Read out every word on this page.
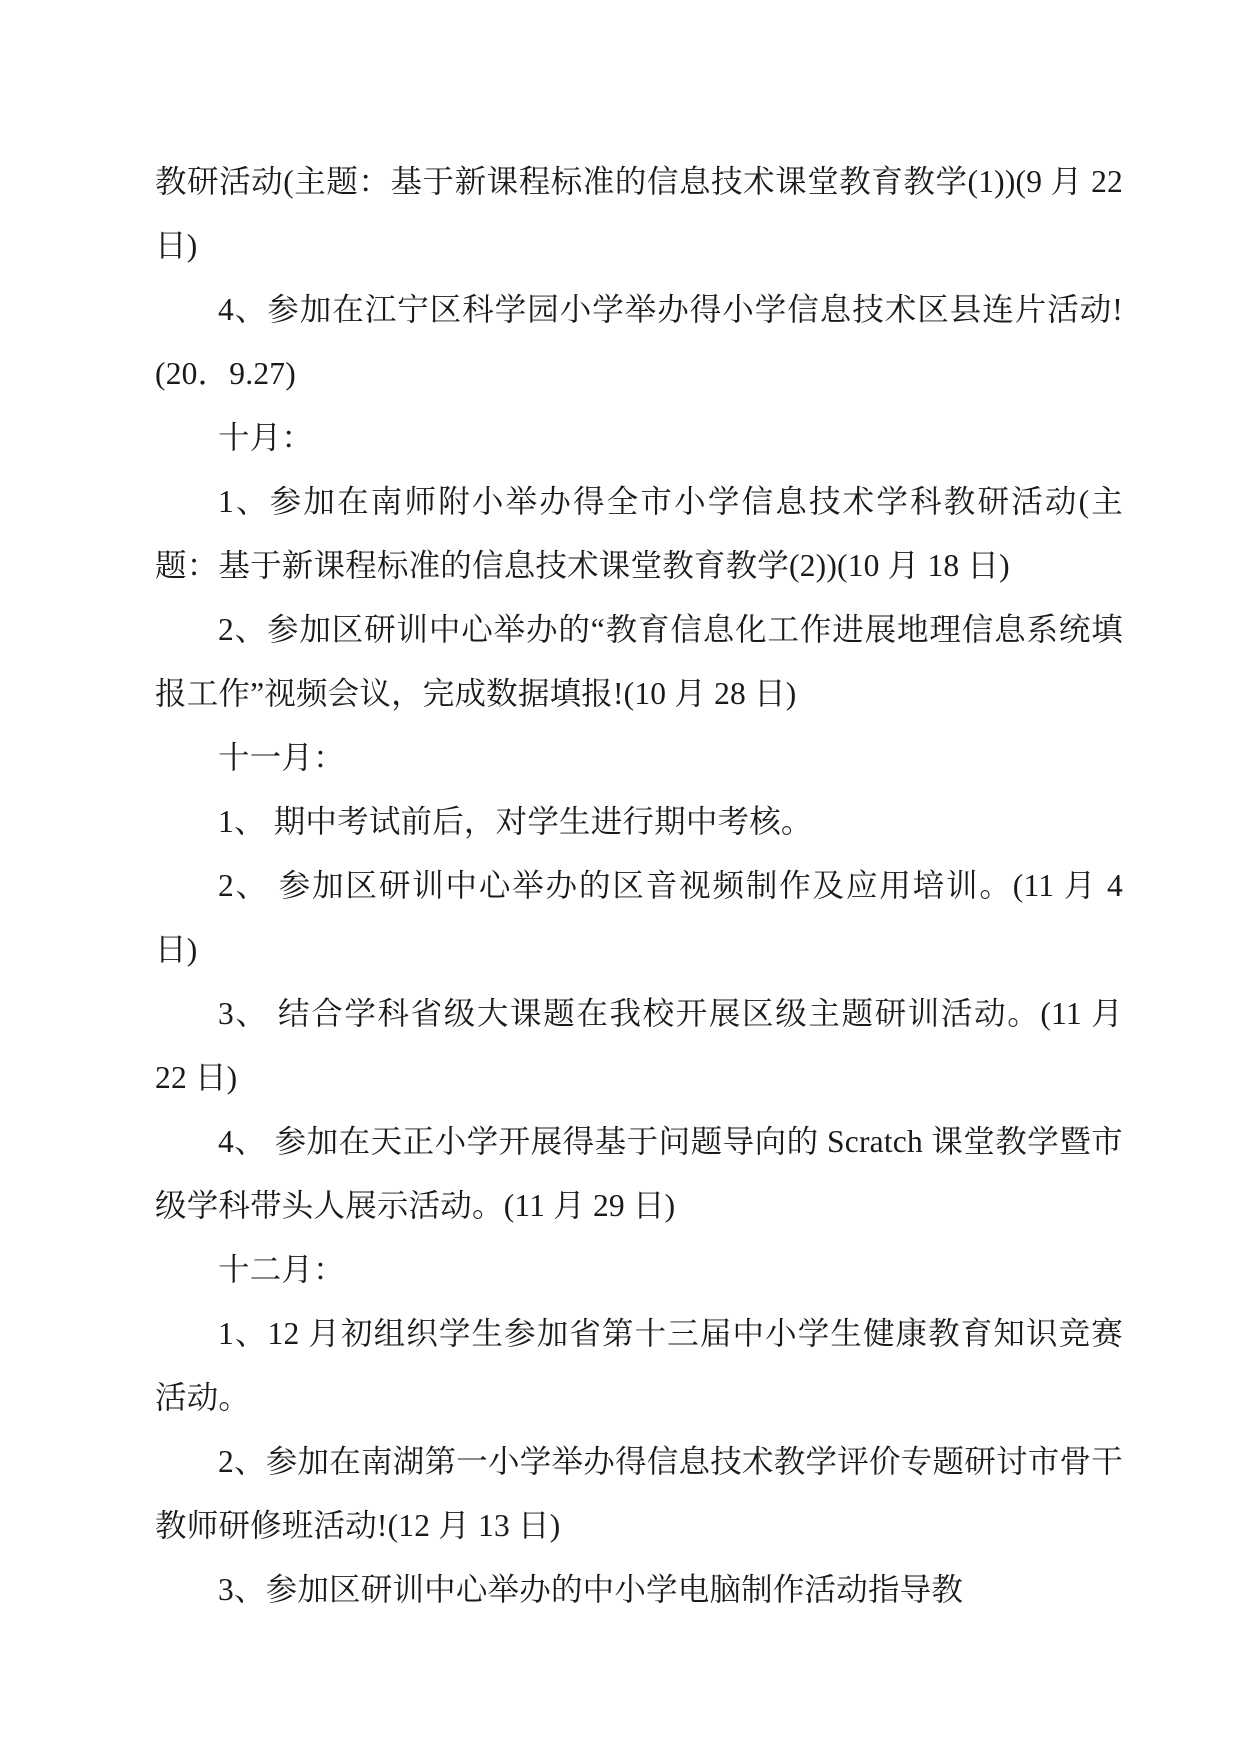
教研活动(主题：基于新课程标准的信息技术课堂教育教学(1))(9 月 22 日)

4、参加在江宁区科学园小学举办得小学信息技术区县连片活动!(20．9.27)

十月：

1、参加在南师附小举办得全市小学信息技术学科教研活动(主题：基于新课程标准的信息技术课堂教育教学(2))(10 月 18 日)

2、参加区研训中心举办的“教育信息化工作进展地理信息系统填报工作”视频会议，完成数据填报!(10 月 28 日)

十一月：

1、 期中考试前后，对学生进行期中考核。

2、 参加区研训中心举办的区音视频制作及应用培训。(11 月 4 日)

3、 结合学科省级大课题在我校开展区级主题研训活动。(11 月 22 日)

4、 参加在天正小学开展得基于问题导向的 Scratch 课堂教学暨市级学科带头人展示活动。(11 月 29 日)

十二月：

1、12 月初组织学生参加省第十三届中小学生健康教育知识竞赛活动。

2、参加在南湖第一小学举办得信息技术教学评价专题研讨市骨干教师研修班活动!(12 月 13 日)

3、参加区研训中心举办的中小学电脑制作活动指导教
